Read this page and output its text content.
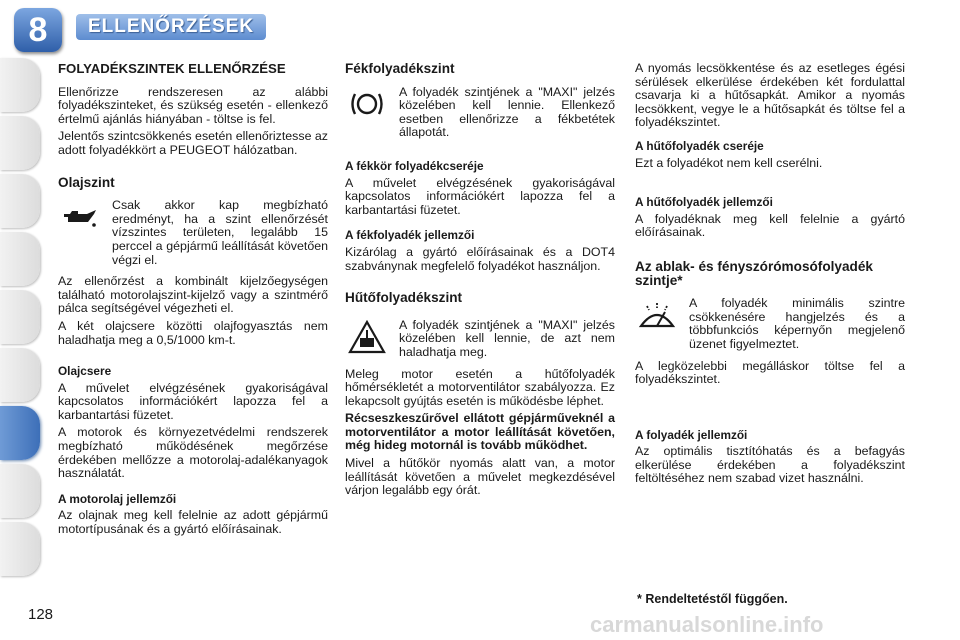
8	ELLENŐRZÉSEK
FOLYADÉKSZINTEK ELLENŐRZÉSE

Ellenőrizze rendszeresen az alábbi folyadékszinteket, és szükség esetén - ellenkező értelmű ajánlás hiányában - töltse is fel.

Jelentős szintcsökkenés esetén ellenőriztesse az adott folyadékkört a PEUGEOT hálózatban.

Olajszint

Csak akkor kap megbízható eredményt, ha a szint ellenőrzését vízszintes területen, legalább 15 perccel a gépjármű leállítását követően végzi el.

Az ellenőrzést a kombinált kijelzőegységen található motorolajszint-kijelző vagy a szintmérő pálca segítségével végezheti el.

A két olajcsere közötti olajfogyasztás nem haladhatja meg a 0,5/1000 km-t.

Olajcsere

A művelet elvégzésének gyakoriságával kapcsolatos információkért lapozza fel a karbantartási füzetet.

A motorok és környezetvédelmi rendszerek megbízható működésének megőrzése érdekében mellőzze a motorolaj-adalékanyagok használatát.

A motorolaj jellemzői

Az olajnak meg kell felelnie az adott gépjármű motortípusának és a gyártó előírásainak.

Fékfolyadékszint

A folyadék szintjének a "MAXI" jelzés közelében kell lennie. Ellenkező esetben ellenőrizze a fékbetétek állapotát.

A fékkör folyadékcseréje

A művelet elvégzésének gyakoriságával kapcsolatos információkért lapozza fel a karbantartási füzetet.

A fékfolyadék jellemzői

Kizárólag a gyártó előírásainak és a DOT4 szabványnak megfelelő folyadékot használjon.

Hűtőfolyadékszint

A folyadék szintjének a "MAXI" jelzés közelében kell lennie, de azt nem haladhatja meg.

Meleg motor esetén a hűtőfolyadék hőmérsékletét a motorventilátor szabályozza. Ez lekapcsolt gyújtás esetén is működésbe léphet.

Récseszkeszűrővel ellátott gépjárműveknél a motorventilátor a motor leállítását követően, még hideg motornál is tovább működhet.

Mivel a hűtőkör nyomás alatt van, a motor leállítását követően a művelet megkezdésével várjon legalább egy órát.

A nyomás lecsökkentése és az esetleges égési sérülések elkerülése érdekében két fordulattal csavarja ki a hűtősapkát. Amikor a nyomás lecsökkent, vegye le a hűtősapkát és töltse fel a folyadékszintet.

A hűtőfolyadék cseréje

Ezt a folyadékot nem kell cserélni.

A hűtőfolyadék jellemzői

A folyadéknak meg kell felelnie a gyártó előírásainak.

Az ablak- és fényszórómosófolyadék szintje*

A folyadék minimális szintre csökkenésére hangjelzés és a többfunkciós képernyőn megjelenő üzenet figyelmeztet.

A legközelebbi megálláskor töltse fel a folyadékszintet.

A folyadék jellemzői

Az optimális tisztítóhatás és a befagyás elkerülése érdekében a folyadékszint feltöltéséhez nem szabad vizet használni.

* Rendeltetéstől függően.
carmanualsonline.info
128
